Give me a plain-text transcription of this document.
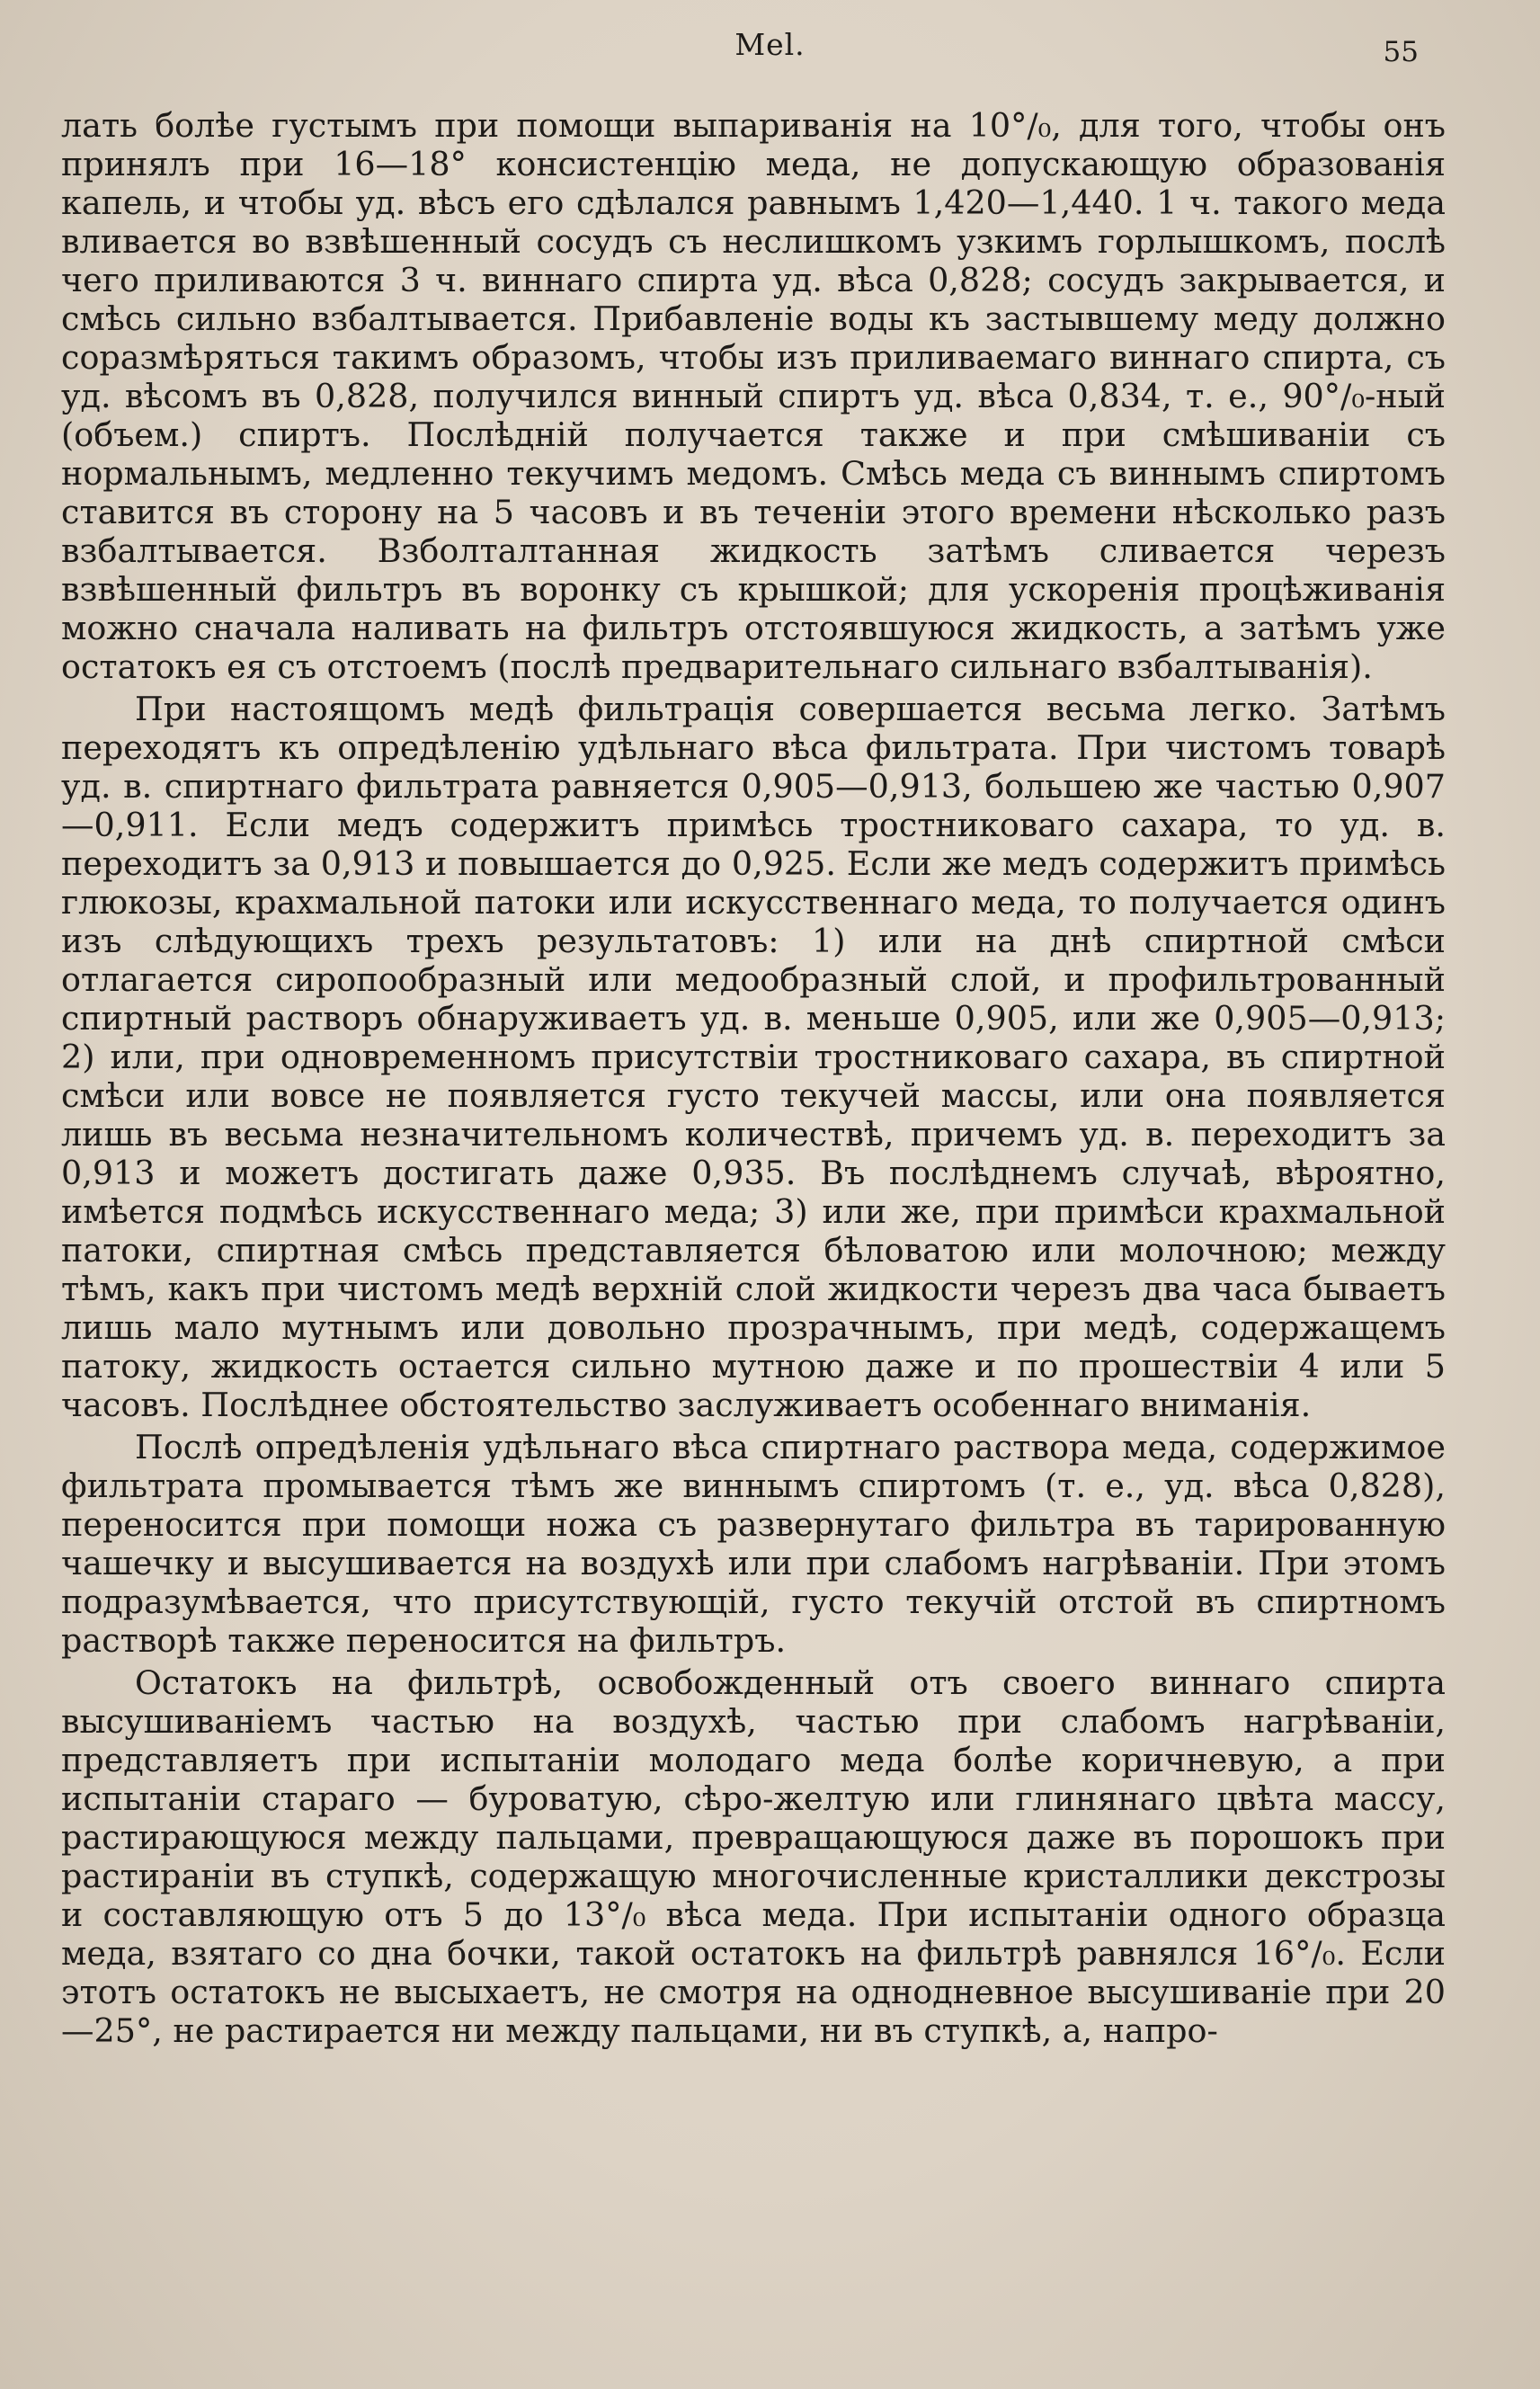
Mel.	55

лать болѣе густымъ при помощи выпариванія на 10°/₀, для того, чтобы онъ принялъ при 16—18° консистенцію меда, не допускающую образованія капель, и чтобы уд. вѣсъ его сдѣлался равнымъ 1,420—1,440. 1 ч. такого меда вливается во взвѣшенный сосудъ съ неслишкомъ узкимъ горлышкомъ, послѣ чего приливаются 3 ч. виннаго спирта уд. вѣса 0,828; сосудъ закрывается, и смѣсь сильно взбалтывается. Прибавленіе воды къ застывшему меду должно соразмѣряться такимъ образомъ, чтобы изъ приливаемаго виннаго спирта, съ уд. вѣсомъ въ 0,828, получился винный спиртъ уд. вѣса 0,834, т. е., 90°/₀-ный (объем.) спиртъ. Послѣдній получается также и при смѣшиваніи съ нормальнымъ, медленно текучимъ медомъ. Смѣсь меда съ виннымъ спиртомъ ставится въ сторону на 5 часовъ и въ теченіи этого времени нѣсколько разъ взбалтывается. Взболталтанная жидкость затѣмъ сливается черезъ взвѣшенный фильтръ въ воронку съ крышкой; для ускоренія процѣживанія можно сначала наливать на фильтръ отстоявшуюся жидкость, а затѣмъ уже остатокъ ея съ отстоемъ (послѣ предварительнаго сильнаго взбалтыванія).

При настоящомъ медѣ фильтрація совершается весьма легко. Затѣмъ переходятъ къ опредѣленію удѣльнаго вѣса фильтрата. При чистомъ товарѣ уд. в. спиртнаго фильтрата равняется 0,905—0,913, большею же частью 0,907—0,911. Если медъ содержитъ примѣсь тростниковаго сахара, то уд. в. переходитъ за 0,913 и повышается до 0,925. Если же медъ содержитъ примѣсь глюкозы, крахмальной патоки или искусственнаго меда, то получается одинъ изъ слѣдующихъ трехъ результатовъ: 1) или на днѣ спиртной смѣси отлагается сиропообразный или медообразный слой, и профильтрованный спиртный растворъ обнаруживаетъ уд. в. меньше 0,905, или же 0,905—0,913; 2) или, при одновременномъ присутствіи тростниковаго сахара, въ спиртной смѣси или вовсе не появляется густо текучей массы, или она появляется лишь въ весьма незначительномъ количествѣ, причемъ уд. в. переходитъ за 0,913 и можетъ достигать даже 0,935. Въ послѣднемъ случаѣ, вѣроятно, имѣется подмѣсь искусственнаго меда; 3) или же, при примѣси крахмальной патоки, спиртная смѣсь представляется бѣловатою или молочною; между тѣмъ, какъ при чистомъ медѣ верхній слой жидкости черезъ два часа бываетъ лишь мало мутнымъ или довольно прозрачнымъ, при медѣ, содержащемъ патоку, жидкость остается сильно мутною даже и по прошествіи 4 или 5 часовъ. Послѣднее обстоятельство заслуживаетъ особеннаго вниманія.

Послѣ опредѣленія удѣльнаго вѣса спиртнаго раствора меда, содержимое фильтрата промывается тѣмъ же виннымъ спиртомъ (т. е., уд. вѣса 0,828), переносится при помощи ножа съ развернутаго фильтра въ тарированную чашечку и высушивается на воздухѣ или при слабомъ нагрѣваніи. При этомъ подразумѣвается, что присутствующій, густо текучій отстой въ спиртномъ растворѣ также переносится на фильтръ.

Остатокъ на фильтрѣ, освобожденный отъ своего виннаго спирта высушиваніемъ частью на воздухѣ, частью при слабомъ нагрѣваніи, представляетъ при испытаніи молодаго меда болѣе коричневую, а при испытаніи стараго — буроватую, сѣро-желтую или глинянаго цвѣта массу, растирающуюся между пальцами, превращающуюся даже въ порошокъ при растираніи въ ступкѣ, содержащую многочисленные кристаллики декстрозы и составляющую отъ 5 до 13°/₀ вѣса меда. При испытаніи одного образца меда, взятаго со дна бочки, такой остатокъ на фильтрѣ равнялся 16°/₀. Если этотъ остатокъ не высыхаетъ, не смотря на однодневное высушиваніе при 20—25°, не растирается ни между пальцами, ни въ ступкѣ, а, напро-
